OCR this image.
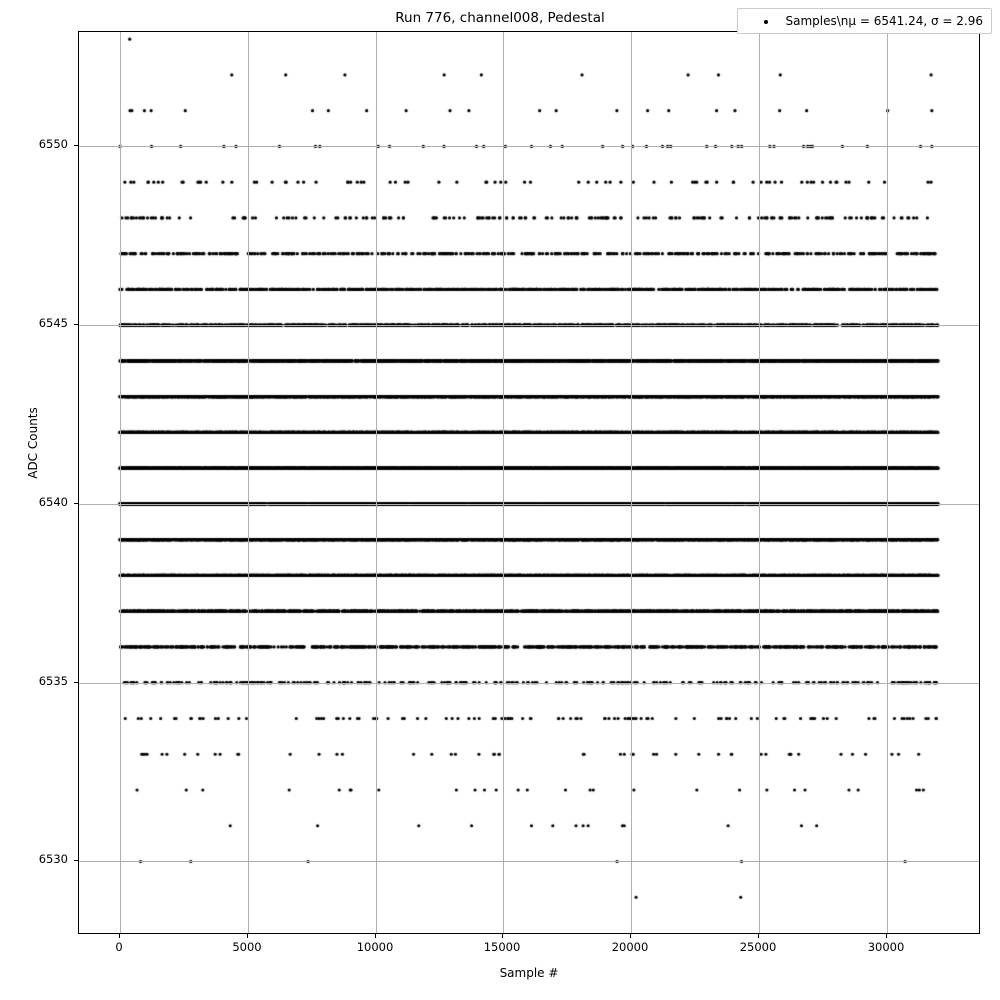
Run 776, channel008, Pedestal
0	5000	10000	15000	20000	25000	30000
6530
6535
6540
6545
6550
Sample #
ADC Counts
Samples\nμ = 6541.24, σ = 2.96
